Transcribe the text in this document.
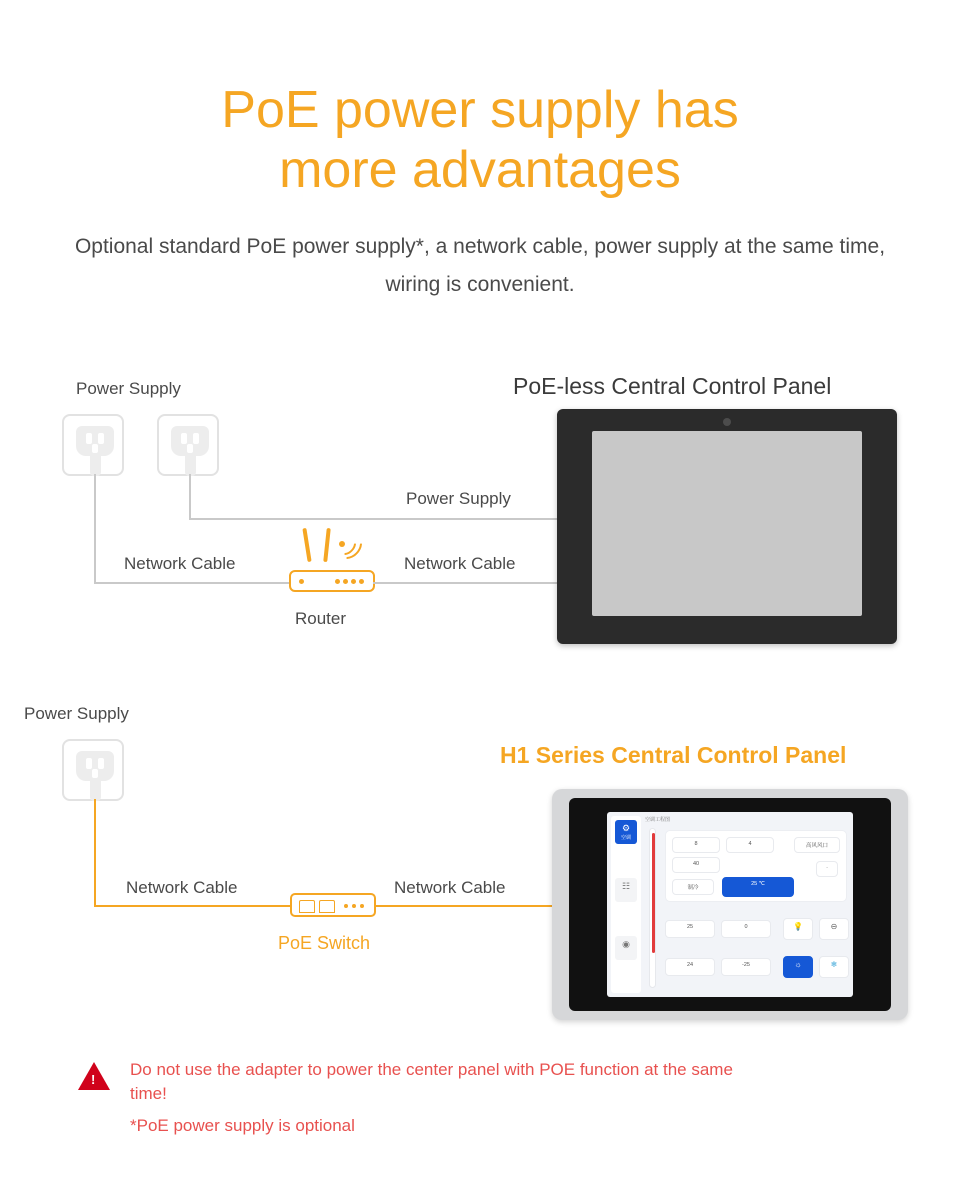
PoE power supply has
more advantages
Optional standard PoE power supply*, a network cable, power supply at the same time, wiring is convenient.
Power Supply	PoE-less Central Control Panel
Power Supply
Network Cable
Router
Network Cable
Power Supply
H1 Series Central Control Panel
Network Cable
PoE Switch
Network Cable
⚙
空调
☷
◉
空调工程图
8	4	高风风口
40
制冷
25 ℃
·
25	0	💡	⊖
24	-25	☼	❄
!
Do not use the adapter to power the center panel with POE function at the same time!
*PoE power supply is optional
